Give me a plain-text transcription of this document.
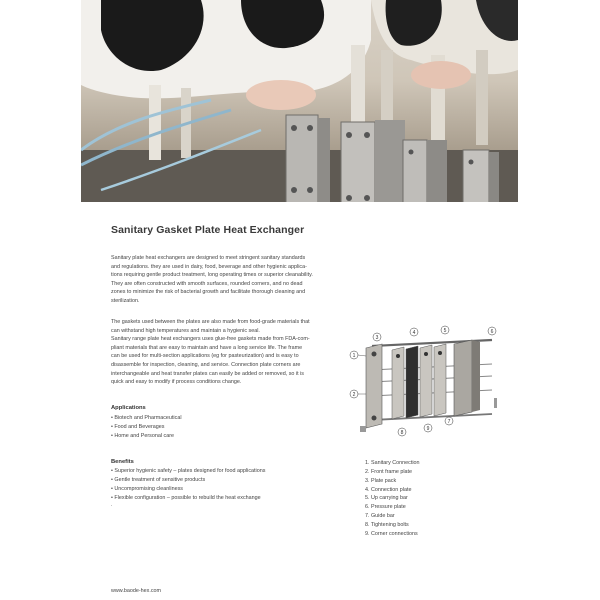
Sanitary Gasket Plate Heat Exchanger
Sanitary plate heat exchangers are designed to meet stringent sanitary standards
and regulations. they are used in dairy, food, beverage and other hygienic applica-
tions requiring gentle product treatment, long operating times or superior cleanability.
They are often constructed with smooth surfaces, rounded corners, and no dead
zones to minimize the risk of bacterial growth and facilitate thorough cleaning and
sterilization.
The gaskets used between the plates are also made from food-grade materials that
can withstand high temperatures and maintain a hygienic seal.
Sanitary range plate heat exchangers uses glue-free gaskets made from FDA-com-
pliant materials that are easy to maintain and have a long service life. The frame
can be used for multi-section applications (eg for pasteurization) and is easy to
disassemble for inspection, cleaning, and service. Connection plate corners are
interchangeable and heat transfer plates can easily be added or removed, so it is
quick and easy to modify if process conditions change.
Applications
• Biotech and Pharmaceutical
• Food and Beverages
• Home and Personal care
Benefits
• Superior hygienic safety – plates designed for food applications
• Gentle treatment of sensitive products
• Uncompromising cleanliness
• Flexible configuration – possible to rebuild the heat exchange
.
1
2
3
4	5	6
7
8
9
1. Sanitary Connection
2. Front frame plate
3. Plate pack
4. Connection plate
5. Up carrying bar
6. Pressure plate
7. Guide bar
8. Tightening bolts
9. Corner connections
www.baode-hex.com
